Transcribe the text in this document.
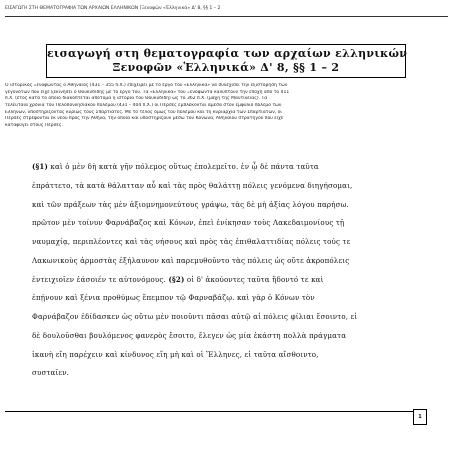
ΕΙΣΑΓΩΓΗ ΣΤΗ ΘΕΜΑΤΟΓΡΑΦΙΑ ΤΩΝ ΑΡΧΑΙΩΝ ΕΛΛΗΝΙΚΩΝ [Ξενοφῶν «Ἑλληνικά» Δ' 8, §§ 1 – 2
εισαγωγή στη θεματογραφία των αρχαίων ελληνικών
Ξενοφῶν «Ἑλληνικά» Δ' 8, §§ 1 – 2
Ο ιστορικός Ξενοφώντας ο Αθηναίος (431 – 355 π.Χ.) επιχειρεί με το έργο του «Ελληνικά» να συνεχίσει την εξιστόρηση των
γεγονότων που είχε ξεκινήσει ο Θουκυδίδης με το έργο του. Τα «Ελληνικά» του Ξενοφώντα καλύπτουν την εποχή από το 411
π.Χ. (έτος κατά το οποίο διακόπτεται απότομα η ιστορία του Θουκυδίδη) ως το 362 π.Χ. (μάχη της Μαντίνειας). Τα
τελευταία χρόνια του Πελοποννησιακού πολέμου (431 – 404 π.Χ.) οι Πέρσες εμπλέκονται άμεσα στον εμφύλιο πόλεμο των
Ελλήνων, υποστηρίζοντας κυρίως τους Σπαρτιάτες. Με το τέλος όμως του πολέμου και τη κυριαρχία των Σπαρτιατών, οι
Πέρσες στρέφονται εκ νέου προς την Αθήνα, την οποία και υποστηρίζουν μέσω του Κόνωνα, Αθηναίου στρατηγού που είχε
καταφύγει στους Πέρσες.
(§1) καὶ ὁ μὲν δὴ κατὰ γῆν πόλεμος οὕτως ἐπολεμεῖτο. ἐν ᾧ δὲ πάντα ταῦτα
ἐπράττετο, τὰ κατὰ θάλατταν αὖ καὶ τὰς πρὸς θαλάττῃ πόλεις γενόμενα διηγήσομαι,
καὶ τῶν πράξεων τὰς μὲν ἀξιομνημονεύτους γράψω, τὰς δὲ μὴ ἀξίας λόγου παρήσω.
πρῶτον μὲν τοίνυν Φαρνάβαζος καὶ Κόνων, ἐπεὶ ἐνίκησαν τοὺς Λακεδαιμονίους τῇ
ναυμαχίᾳ, περιπλέοντες καὶ τὰς νήσους καὶ πρὸς τὰς ἐπιθαλαττιδίας πόλεις τούς τε
Λακωνικοὺς ἁρμοστὰς ἐξήλαυνον καὶ παρεμυθοῦντο τὰς πόλεις ὡς οὔτε ἀκροπόλεις
ἐντειχιοῖεν ἐάσοιέν τε αὐτονόμους. (§2) οἱ δ' ἀκούοντες ταῦτα ἥδοντό τε καὶ
ἐπῄνουν καὶ ξένια προθύμως ἔπεμπον τῷ Φαρναβάζῳ. καὶ γὰρ ὁ Κόνων τὸν
Φαρνάβαζον ἐδίδασκεν ὡς οὕτω μὲν ποιοῦντι πᾶσαι αὐτῷ αἱ πόλεις φίλιαι ἔσοιντο, εἰ
δὲ δουλοῦσθαι βουλόμενος φανερὸς ἔσοιτο, ἔλεγεν ὡς μία ἑκάστη πολλὰ πράγματα
ἱκανὴ εἴη παρέχειν καὶ κίνδυνος εἴη μὴ καὶ οἱ Ἕλληνες, εἰ ταῦτα αἴσθοιντο,
συσταῖεν.
1
